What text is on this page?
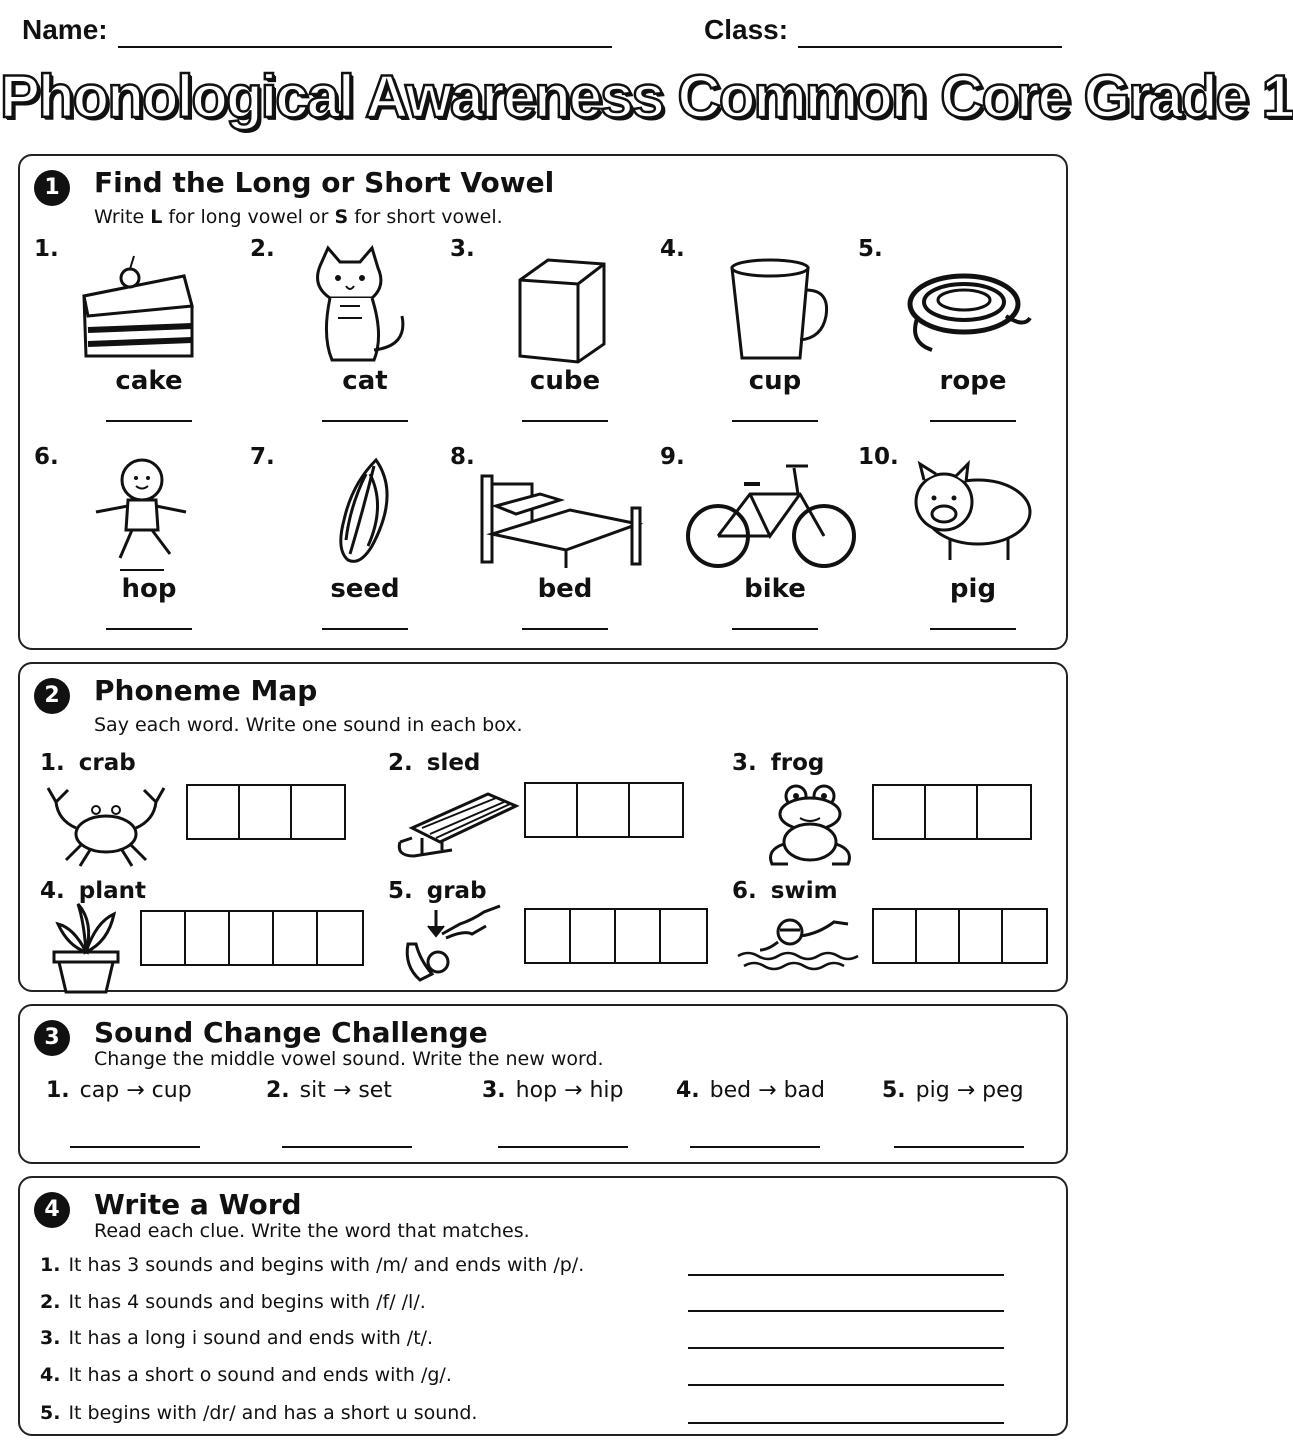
Name:	Class:
Phonological Awareness Common Core Grade 1
1	Find the Long or Short Vowel
Write L for long vowel or S for short vowel.
1.
cake
2.
cat
3.
cube
4.
cup
5.
rope
6.
hop
7.
seed
8.
bed
9.
bike
10.
pig
2	Phoneme Map
Say each word. Write one sound in each box.
1. crab	2. sled	3. frog
4. plant	5. grab	6. swim
3	Sound Change Challenge
Change the middle vowel sound. Write the new word.
1. cap → cup	2. sit → set	3. hop → hip 4. bed → bad	5. pig → peg
4	Write a Word
Read each clue. Write the word that matches.
1. It has 3 sounds and begins with /m/ and ends with /p/.
2. It has 4 sounds and begins with /f/ /l/.
3. It has a long i sound and ends with /t/.
4. It has a short o sound and ends with /g/.
5. It begins with /dr/ and has a short u sound.
